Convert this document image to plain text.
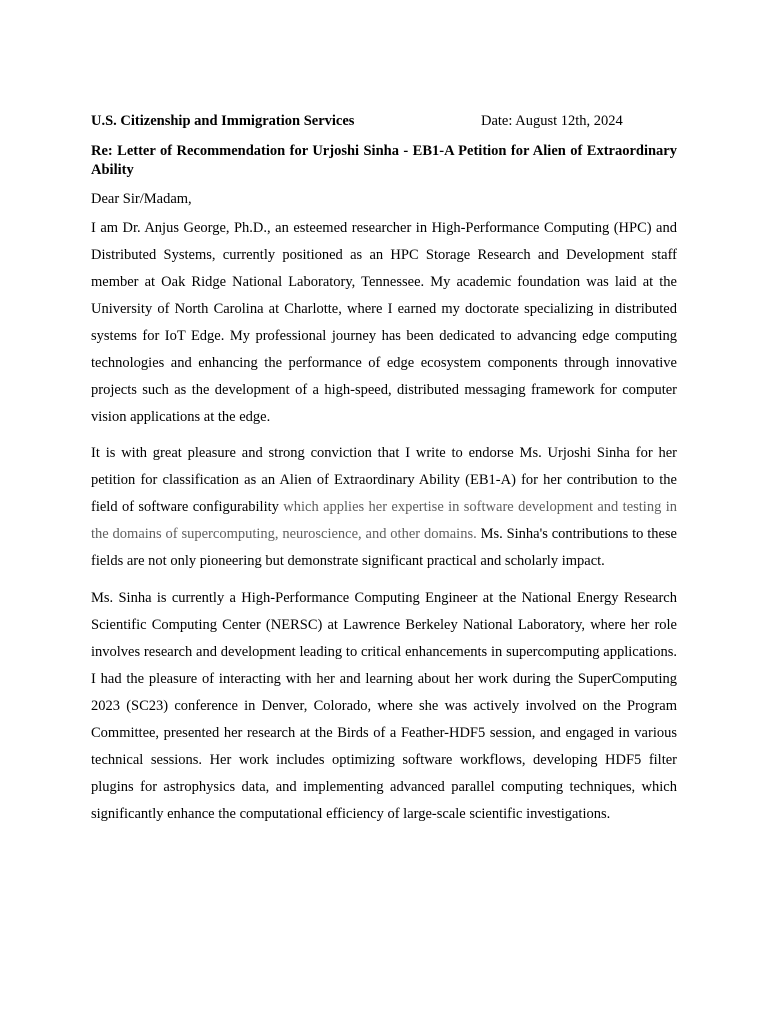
U.S. Citizenship and Immigration Services	Date: August 12th, 2024
Re: Letter of Recommendation for Urjoshi Sinha - EB1-A Petition for Alien of Extraordinary Ability
Dear Sir/Madam,

I am Dr. Anjus George, Ph.D., an esteemed researcher in High-Performance Computing (HPC) and Distributed Systems, currently positioned as an HPC Storage Research and Development staff member at Oak Ridge National Laboratory, Tennessee. My academic foundation was laid at the University of North Carolina at Charlotte, where I earned my doctorate specializing in distributed systems for IoT Edge. My professional journey has been dedicated to advancing edge computing technologies and enhancing the performance of edge ecosystem components through innovative projects such as the development of a high-speed, distributed messaging framework for computer vision applications at the edge.

It is with great pleasure and strong conviction that I write to endorse Ms. Urjoshi Sinha for her petition for classification as an Alien of Extraordinary Ability (EB1-A) for her contribution to the field of software configurability which applies her expertise in software development and testing in the domains of supercomputing, neuroscience, and other domains. Ms. Sinha's contributions to these fields are not only pioneering but demonstrate significant practical and scholarly impact.

Ms. Sinha is currently a High-Performance Computing Engineer at the National Energy Research Scientific Computing Center (NERSC) at Lawrence Berkeley National Laboratory, where her role involves research and development leading to critical enhancements in supercomputing applications. I had the pleasure of interacting with her and learning about her work during the SuperComputing 2023 (SC23) conference in Denver, Colorado, where she was actively involved on the Program Committee, presented her research at the Birds of a Feather-HDF5 session, and engaged in various technical sessions. Her work includes optimizing software workflows, developing HDF5 filter plugins for astrophysics data, and implementing advanced parallel computing techniques, which significantly enhance the computational efficiency of large-scale scientific investigations.
